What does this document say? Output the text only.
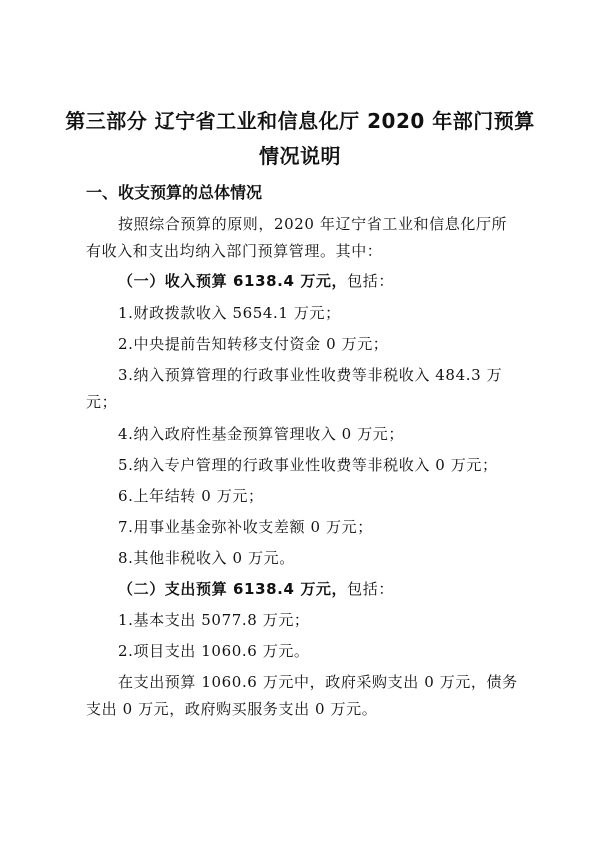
第三部分 辽宁省工业和信息化厅 2020 年部门预算
情况说明
一、收支预算的总体情况
按照综合预算的原则，2020 年辽宁省工业和信息化厅所
有收入和支出均纳入部门预算管理。其中：
（一）收入预算 6138.4 万元，包括：
1.财政拨款收入 5654.1 万元；
2.中央提前告知转移支付资金 0 万元；
3.纳入预算管理的行政事业性收费等非税收入 484.3 万
元；
4.纳入政府性基金预算管理收入 0 万元；
5.纳入专户管理的行政事业性收费等非税收入 0 万元；
6.上年结转 0 万元；
7.用事业基金弥补收支差额 0 万元；
8.其他非税收入 0 万元。
（二）支出预算 6138.4 万元，包括：
1.基本支出 5077.8 万元；
2.项目支出 1060.6 万元。
在支出预算 1060.6 万元中，政府采购支出 0 万元，债务
支出 0 万元，政府购买服务支出 0 万元。
